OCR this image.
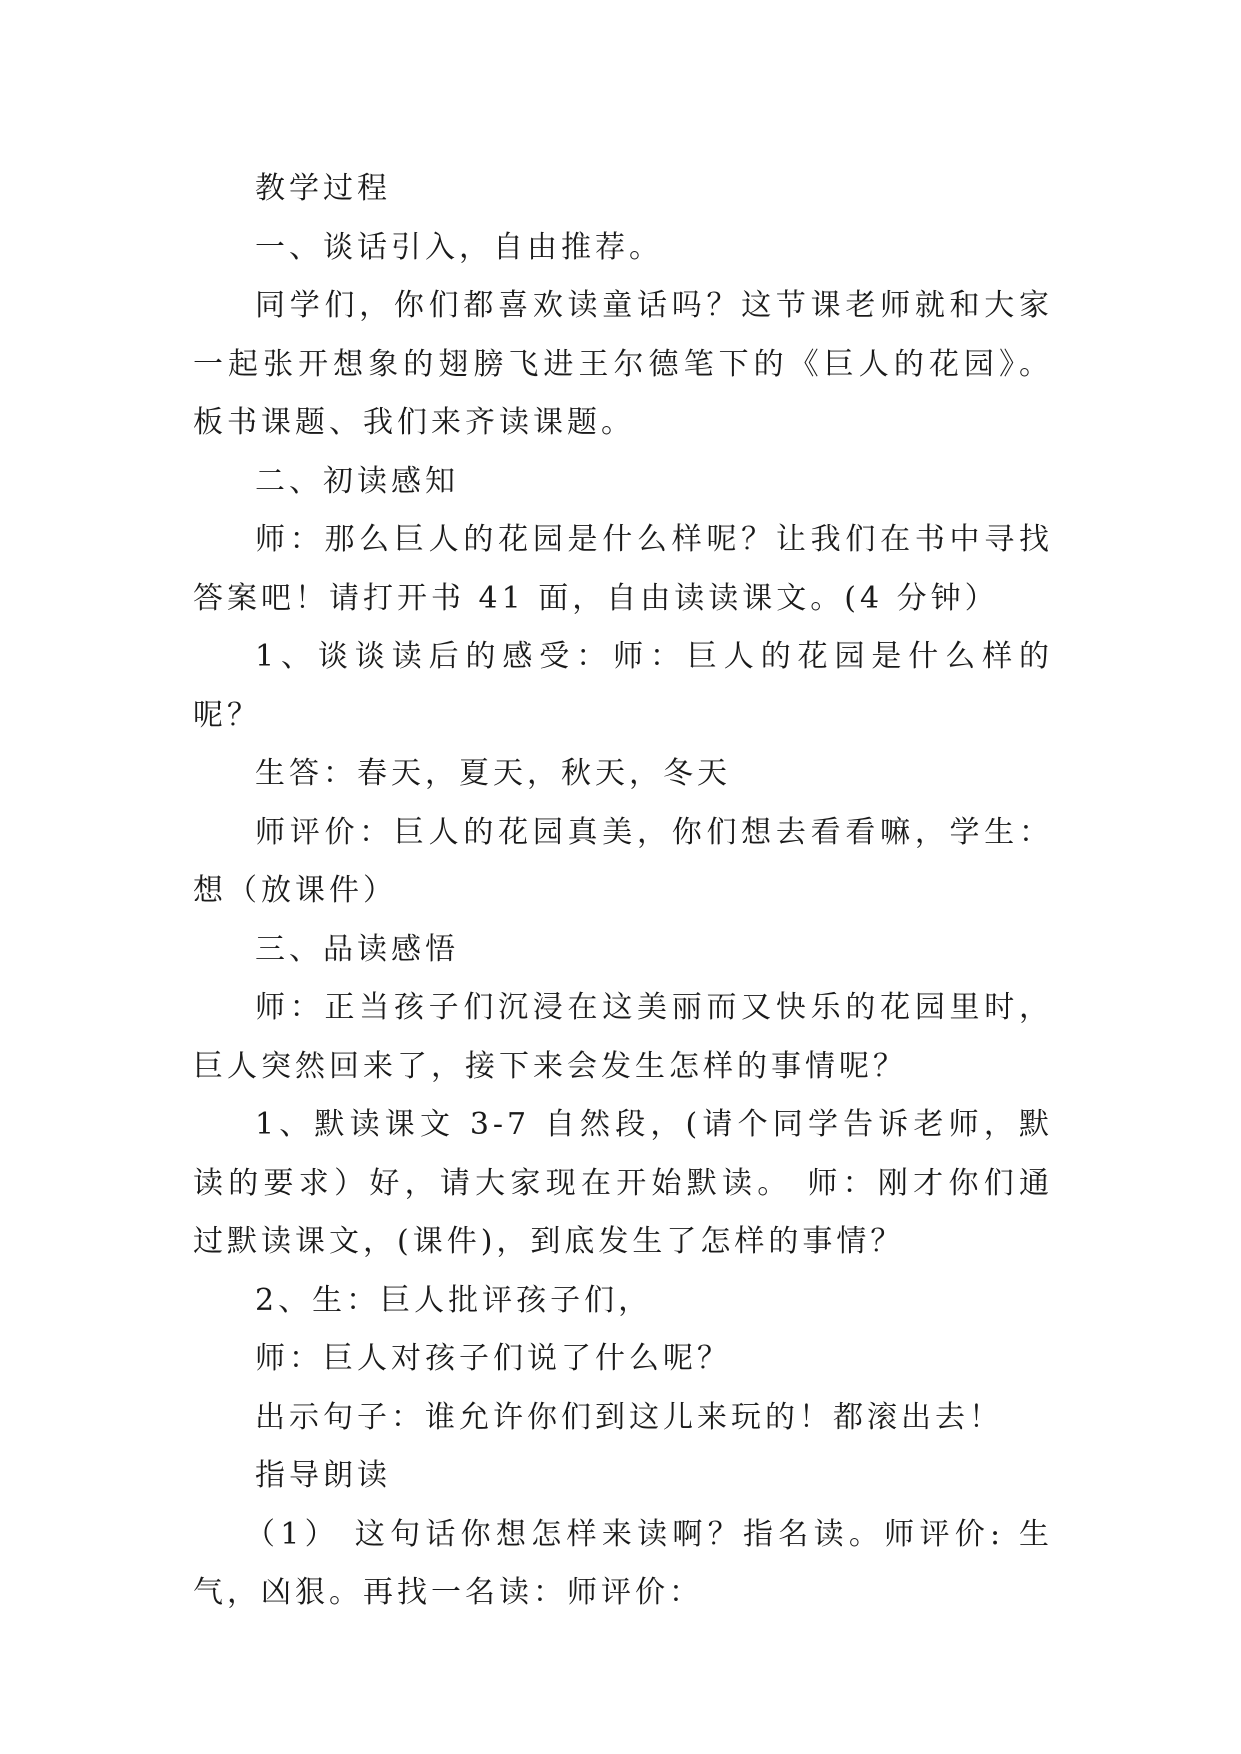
教学过程

一、谈话引入，自由推荐。

同学们，你们都喜欢读童话吗？这节课老师就和大家一起张开想象的翅膀飞进王尔德笔下的《巨人的花园》。板书课题、我们来齐读课题。

二、初读感知

师：那么巨人的花园是什么样呢？让我们在书中寻找答案吧！请打开书 41 面，自由读读课文。(4 分钟）

1、谈谈读后的感受：师：巨人的花园是什么样的呢？

生答：春天，夏天，秋天，冬天

师评价：巨人的花园真美，你们想去看看嘛，学生：想（放课件）

三、品读感悟

师：正当孩子们沉浸在这美丽而又快乐的花园里时，巨人突然回来了，接下来会发生怎样的事情呢？

1、默读课文 3-7 自然段，(请个同学告诉老师，默读的要求）好，请大家现在开始默读。 师：刚才你们通过默读课文，(课件)，到底发生了怎样的事情？

2、生：巨人批评孩子们，

师：巨人对孩子们说了什么呢？

出示句子：谁允许你们到这儿来玩的！都滚出去！

指导朗读

（1） 这句话你想怎样来读啊？指名读。师评价: 生气，凶狠。再找一名读：师评价：
